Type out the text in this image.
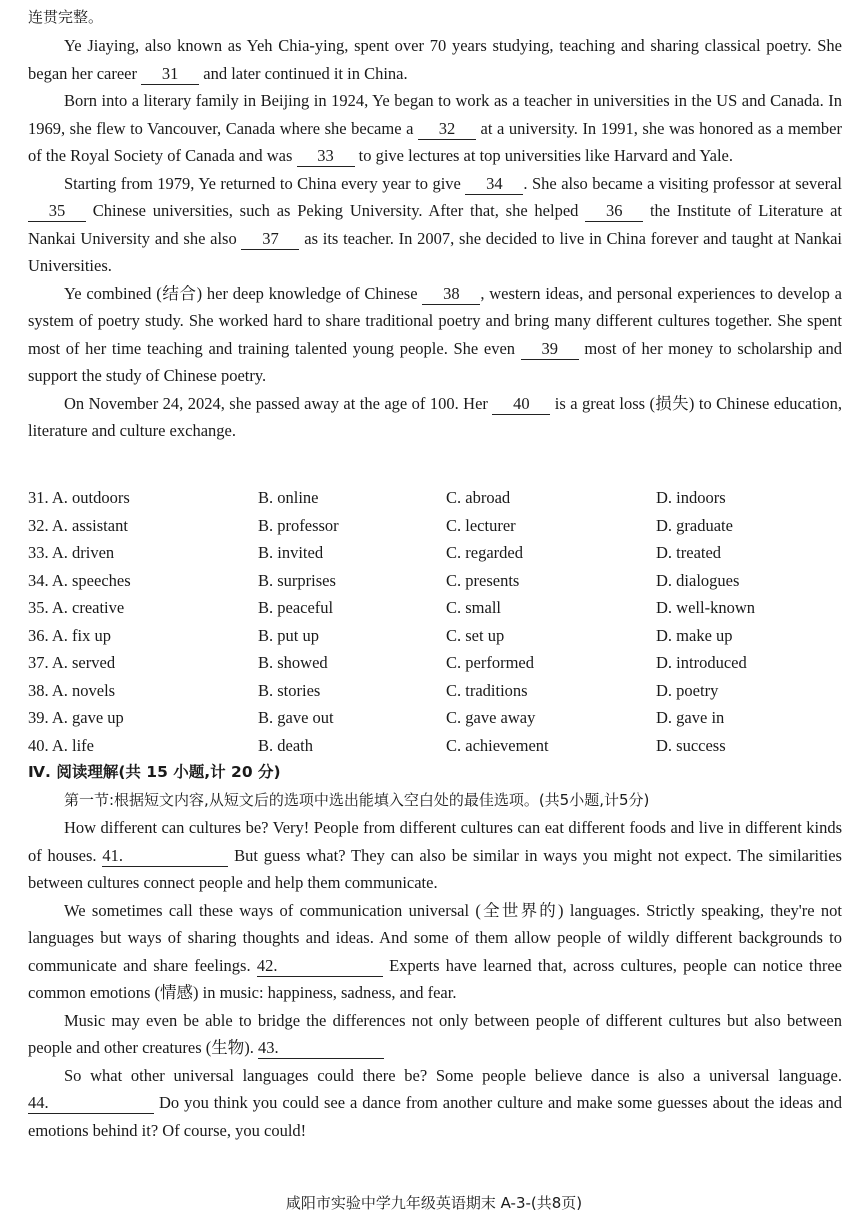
连贯完整。

Ye Jiaying, also known as Yeh Chia-ying, spent over 70 years studying, teaching and sharing classical poetry. She began her career 31 and later continued it in China.

Born into a literary family in Beijing in 1924, Ye began to work as a teacher in universities in the US and Canada. In 1969, she flew to Vancouver, Canada where she became a 32 at a university. In 1991, she was honored as a member of the Royal Society of Canada and was 33 to give lectures at top universities like Harvard and Yale.

Starting from 1979, Ye returned to China every year to give 34 . She also became a visiting professor at several 35 Chinese universities, such as Peking University. After that, she helped 36 the Institute of Literature at Nankai University and she also 37 as its teacher. In 2007, she decided to live in China forever and taught at Nankai Universities.

Ye combined (结合) her deep knowledge of Chinese 38 , western ideas, and personal experiences to develop a system of poetry study. She worked hard to share traditional poetry and bring many different cultures together. She spent most of her time teaching and training talented young people. She even 39 most of her money to scholarship and support the study of Chinese poetry.

On November 24, 2024, she passed away at the age of 100. Her 40 is a great loss (损失) to Chinese education, literature and culture exchange.

31. A. outdoors	B. online	C. abroad	D. indoors
32. A. assistant	B. professor	C. lecturer	D. graduate
33. A. driven	B. invited	C. regarded	D. treated
34. A. speeches	B. surprises	C. presents	D. dialogues
35. A. creative	B. peaceful	C. small	D. well-known
36. A. fix up	B. put up	C. set up	D. make up
37. A. served	B. showed	C. performed	D. introduced
38. A. novels	B. stories	C. traditions	D. poetry
39. A. gave up	B. gave out	C. gave away	D. gave in
40. A. life	B. death	C. achievement	D. success
Ⅳ. 阅读理解(共 15 小题,计 20 分)
第一节:根据短文内容,从短文后的选项中选出能填入空白处的最佳选项。(共5小题,计5分)

How different can cultures be? Very! People from different cultures can eat different foods and live in different kinds of houses. 41.	But guess what? They can also be similar in ways you might not expect. The similarities between cultures connect people and help them communicate.

We sometimes call these ways of communication universal (全世界的) languages. Strictly speaking, they're not languages but ways of sharing thoughts and ideas. And some of them allow people of wildly different backgrounds to communicate and share feelings. 42.	Experts have learned that, across cultures, people can notice three common emotions (情感) in music: happiness, sadness, and fear.

Music may even be able to bridge the differences not only between people of different cultures but also between people and other creatures (生物). 43.

So what other universal languages could there be? Some people believe dance is also a universal language. 44.	Do you think you could see a dance from another culture and make some guesses about the ideas and emotions behind it? Of course, you could!

咸阳市实验中学九年级英语期末 A-3-(共8页)
